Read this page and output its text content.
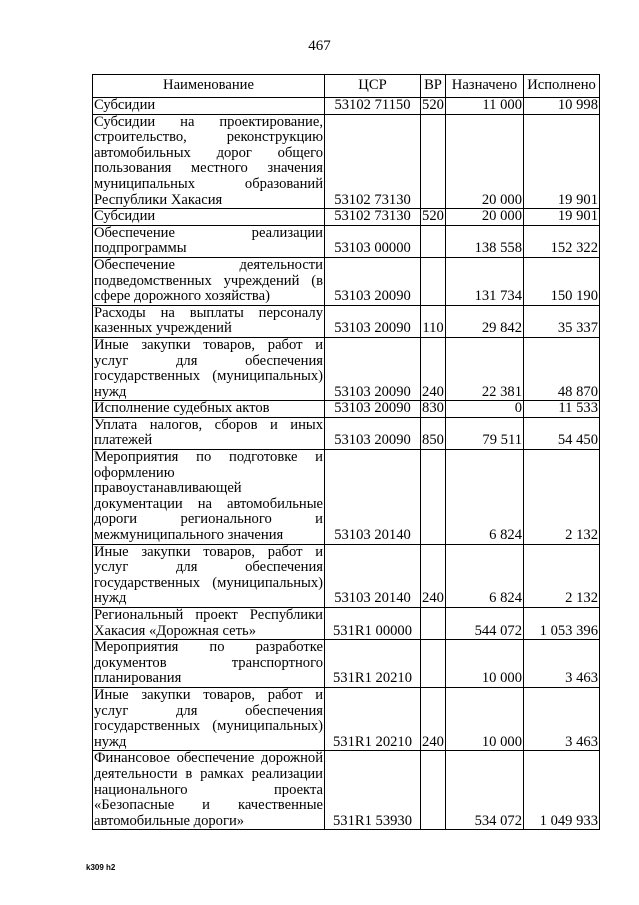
467
Наименование	ЦСР	ВР	Назначено	Исполнено
Субсидии	53102 71150	520	11 000	10 998
Субсидии на проектирование, строительство, реконструкцию автомобильных дорог общего пользования местного значения муниципальных образований Республики Хакасия	53102 73130		20 000	19 901
Субсидии	53102 73130	520	20 000	19 901
Обеспечение реализации подпрограммы	53103 00000		138 558	152 322
Обеспечение деятельности подведомственных учреждений (в сфере дорожного хозяйства)	53103 20090		131 734	150 190
Расходы на выплаты персоналу казенных учреждений	53103 20090	110	29 842	35 337
Иные закупки товаров, работ и услуг для обеспечения государственных (муниципальных) нужд	53103 20090	240	22 381	48 870
Исполнение судебных актов	53103 20090	830	0	11 533
Уплата налогов, сборов и иных платежей	53103 20090	850	79 511	54 450
Мероприятия по подготовке и оформлению правоустанавливающей документации на автомобильные дороги регионального и межмуниципального значения	53103 20140		6 824	2 132
Иные закупки товаров, работ и услуг для обеспечения государственных (муниципальных) нужд	53103 20140	240	6 824	2 132
Региональный проект Республики Хакасия «Дорожная сеть»	531R1 00000		544 072	1 053 396
Мероприятия по разработке документов транспортного планирования	531R1 20210		10 000	3 463
Иные закупки товаров, работ и услуг для обеспечения государственных (муниципальных) нужд	531R1 20210	240	10 000	3 463
Финансовое обеспечение дорожной деятельности в рамках реализации национального проекта «Безопасные и качественные автомобильные дороги»	531R1 53930		534 072	1 049 933
k309 h2
